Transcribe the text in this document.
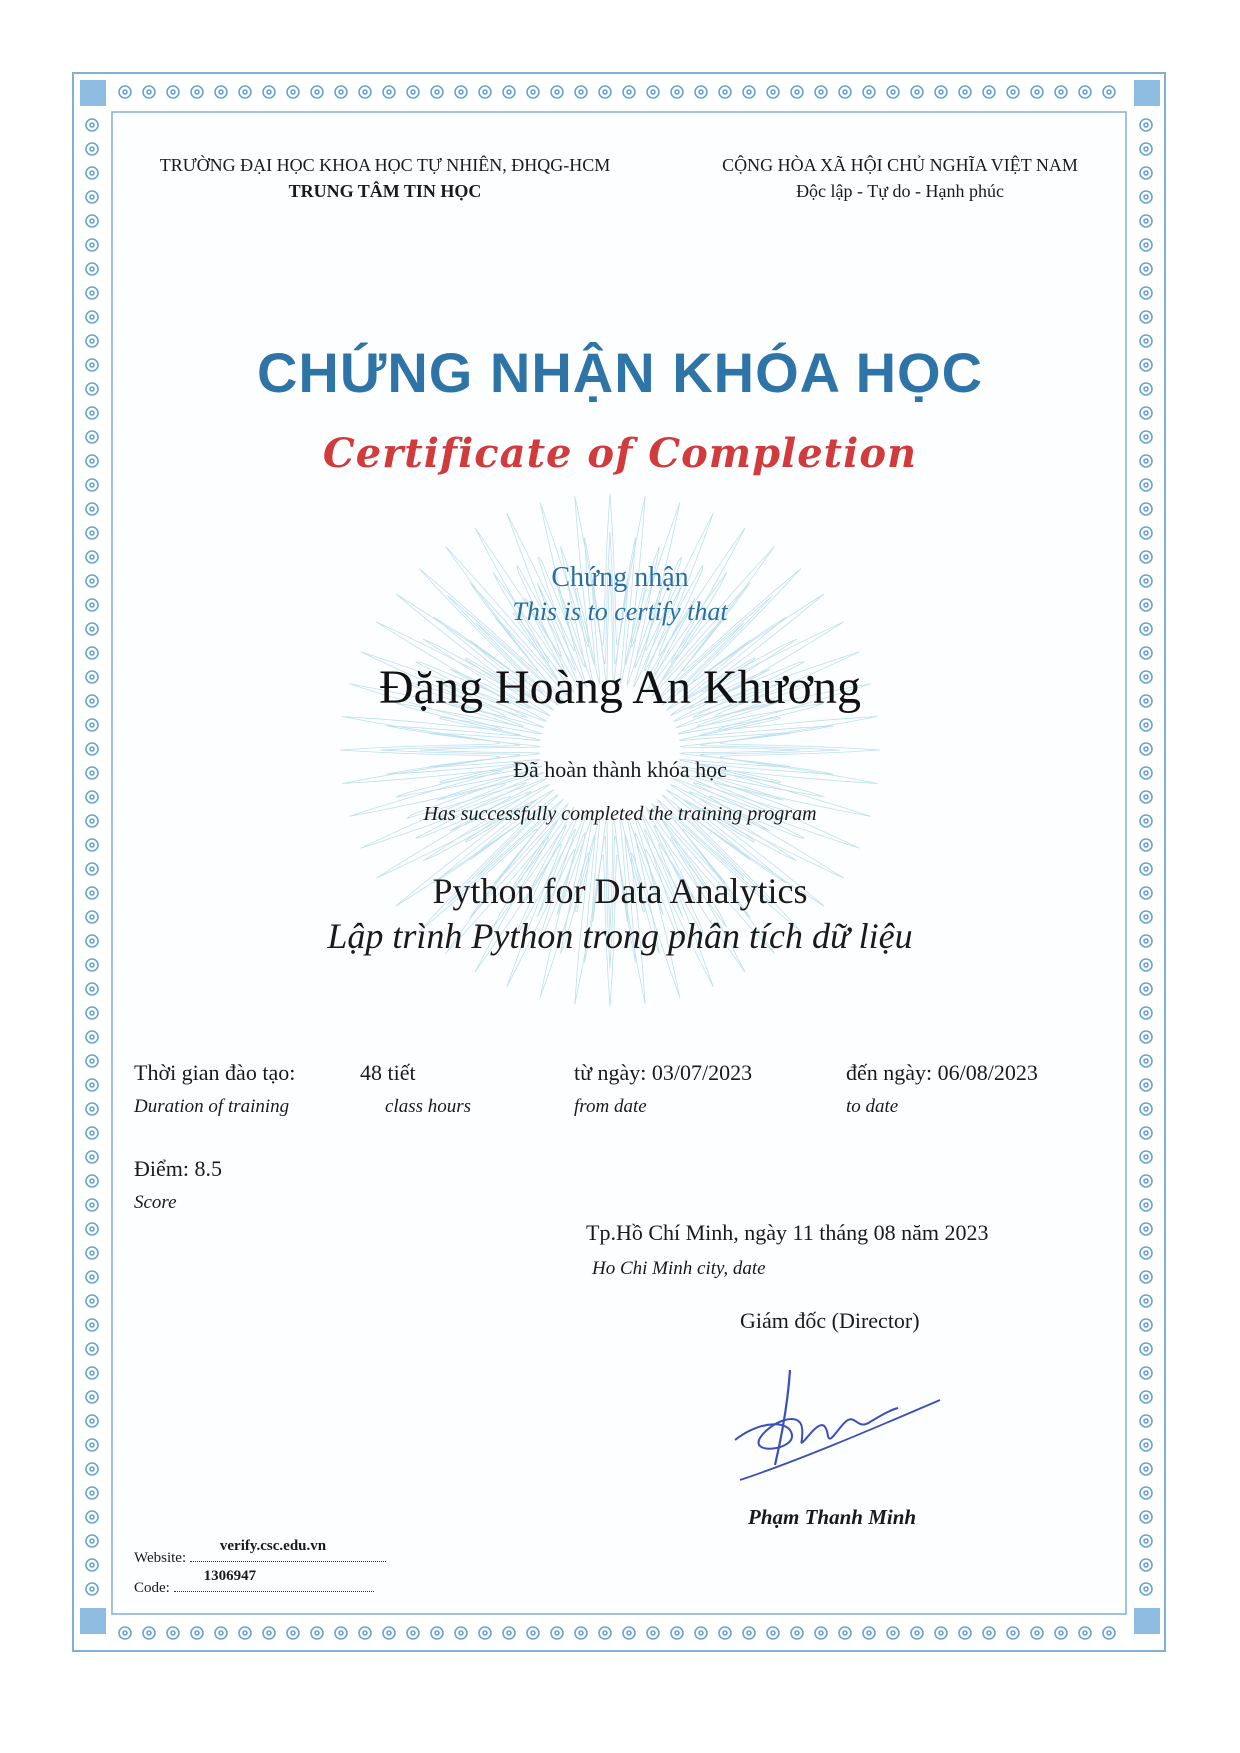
TRƯỜNG ĐẠI HỌC KHOA HỌC TỰ NHIÊN, ĐHQG-HCM
TRUNG TÂM TIN HỌC
CỘNG HÒA XÃ HỘI CHỦ NGHĨA VIỆT NAM
Độc lập - Tự do - Hạnh phúc
CHỨNG NHẬN KHÓA HỌC
Certificate of Completion
Chứng nhận
This is to certify that
Đặng Hoàng An Khương
Đã hoàn thành khóa học
Has successfully completed the training program
Python for Data Analytics
Lập trình Python trong phân tích dữ liệu
Thời gian đào tạo:	48 tiết	từ ngày: 03/07/2023	đến ngày: 06/08/2023
Duration of training	class hours	from date	to date
Điểm: 8.5
Score
Tp.Hồ Chí Minh, ngày 11 tháng 08 năm 2023
Ho Chi Minh city, date
Giám đốc (Director)
Phạm Thanh Minh
Website:
verify.csc.edu.vn
Code:
1306947
